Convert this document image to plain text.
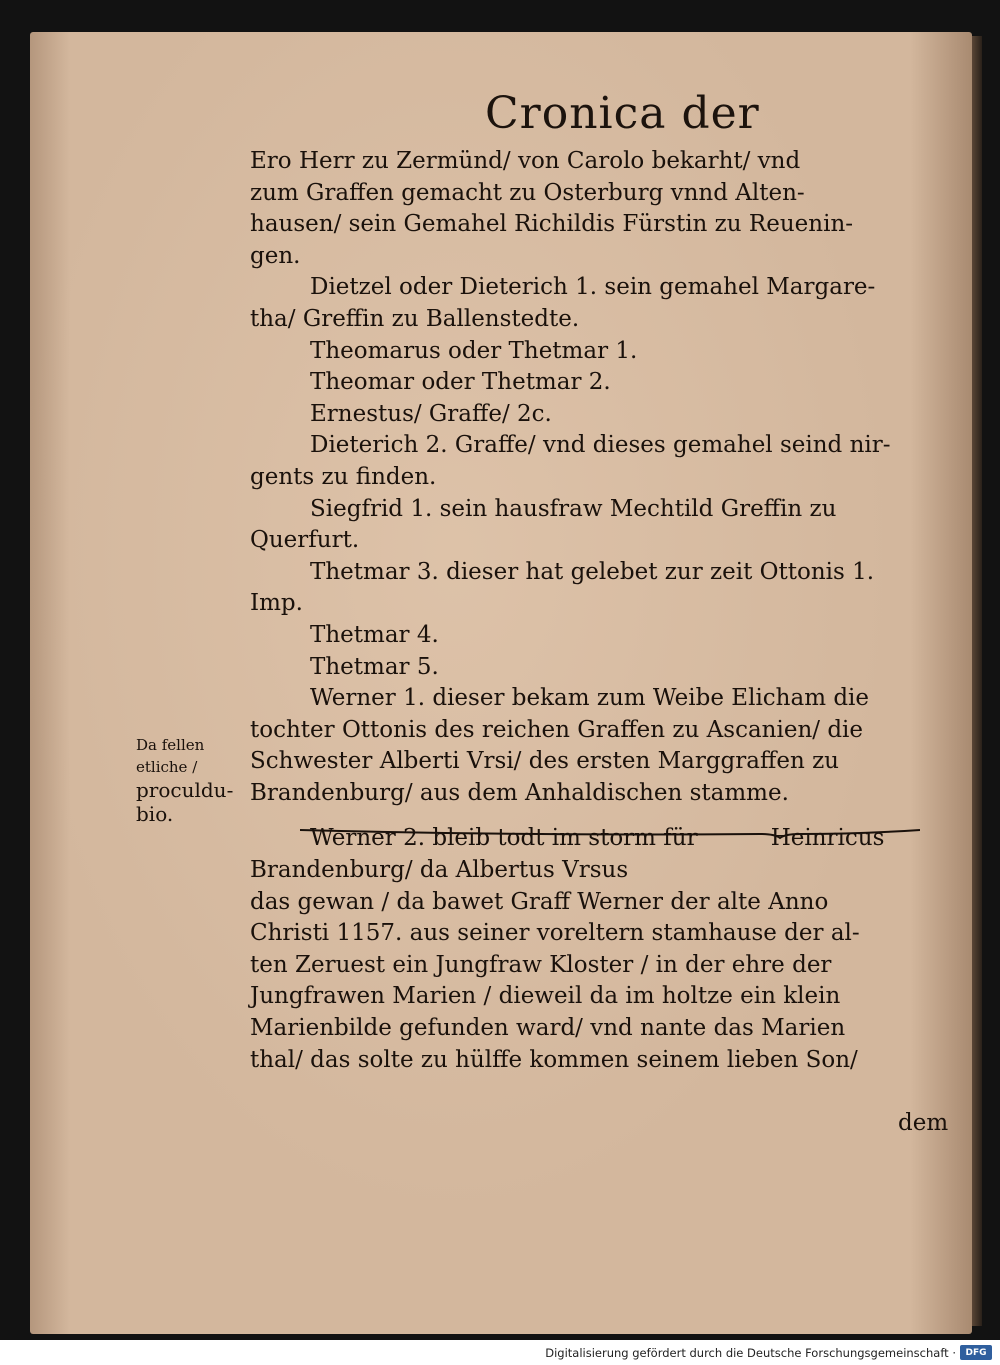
Cronica der
Ero Herr zu Zermünd/ von Carolo bekarht/ vnd
zum Graffen gemacht zu Osterburg vnnd Alten-
hausen/ sein Gemahel Richildis Fürstin zu Reuenin-
gen.
Dietzel oder Dieterich 1. sein gemahel Margare-
tha/ Greffin zu Ballenstedte.
Theomarus oder Thetmar 1.
Theomar oder Thetmar 2.
Ernestus/ Graffe/ 2c.
Dieterich 2. Graffe/ vnd dieses gemahel seind nir-
gents zu finden.
Siegfrid 1. sein hausfraw Mechtild Greffin zu
Querfurt.
Thetmar 3. dieser hat gelebet zur zeit Ottonis 1.
Imp.
Thetmar 4.
Thetmar 5.
Werner 1. dieser bekam zum Weibe Elicham die
tochter Ottonis des reichen Graffen zu Ascanien/ die
Schwester Alberti Vrsi/ des ersten Marggraffen zu
Brandenburg/ aus dem Anhaldischen stamme.
Werner 2. bleib todt im storm für          Heinricus
Brandenburg/ da Albertus Vrsus
das gewan / da bawet Graff Werner der alte Anno
Christi 1157. aus seiner voreltern stamhause der al-
ten Zeruest ein Jungfraw Kloster / in der ehre der
Jungfrawen Marien / dieweil da im holtze ein klein
Marienbilde gefunden ward/ vnd nante das Marien
thal/ das solte zu hülffe kommen seinem lieben Son/
Da fellen
etliche /
proculdu-
bio.
dem
Digitalisierung gefördert durch die Deutsche Forschungsgemeinschaft ·	DFG
